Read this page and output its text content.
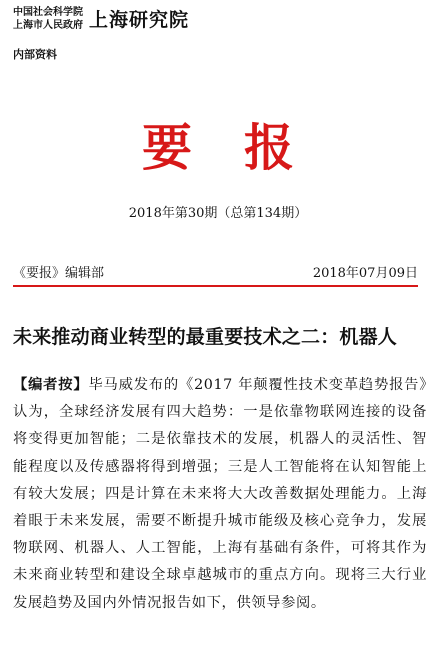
中国社会科学院
上海市人民政府 上海研究院
内部资料
要报
2018年第30期（总第134期）
《要报》编辑部	2018年07月09日
未来推动商业转型的最重要技术之二：机器人
【编者按】毕马威发布的《2017 年颠覆性技术变革趋势报告》认为，全球经济发展有四大趋势：一是依靠物联网连接的设备将变得更加智能；二是依靠技术的发展，机器人的灵活性、智能程度以及传感器将得到增强；三是人工智能将在认知智能上有较大发展；四是计算在未来将大大改善数据处理能力。上海着眼于未来发展，需要不断提升城市能级及核心竞争力，发展物联网、机器人、人工智能，上海有基础有条件，可将其作为未来商业转型和建设全球卓越城市的重点方向。现将三大行业发展趋势及国内外情况报告如下，供领导参阅。
